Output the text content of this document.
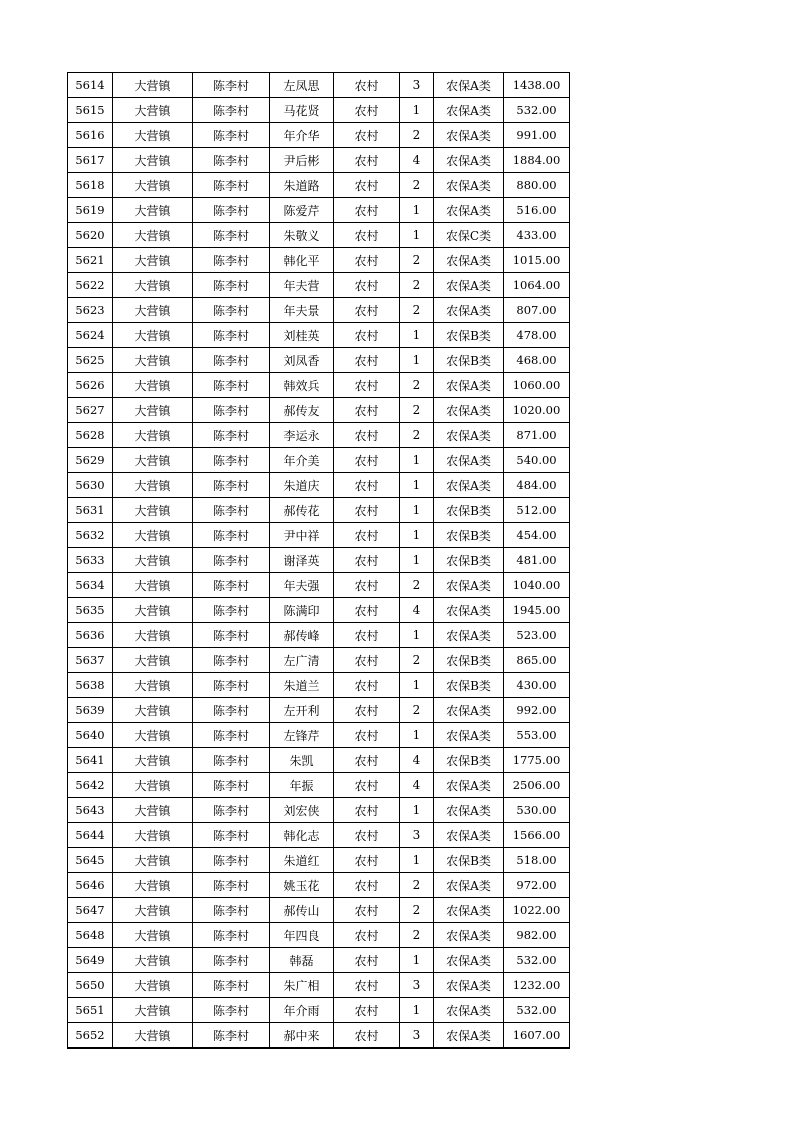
5614	大营镇	陈李村	左凤思	农村	3	农保A类	1438.00
5615	大营镇	陈李村	马花贤	农村	1	农保A类	532.00
5616	大营镇	陈李村	年介华	农村	2	农保A类	991.00
5617	大营镇	陈李村	尹后彬	农村	4	农保A类	1884.00
5618	大营镇	陈李村	朱道路	农村	2	农保A类	880.00
5619	大营镇	陈李村	陈爱芹	农村	1	农保A类	516.00
5620	大营镇	陈李村	朱敬义	农村	1	农保C类	433.00
5621	大营镇	陈李村	韩化平	农村	2	农保A类	1015.00
5622	大营镇	陈李村	年夫营	农村	2	农保A类	1064.00
5623	大营镇	陈李村	年夫景	农村	2	农保A类	807.00
5624	大营镇	陈李村	刘桂英	农村	1	农保B类	478.00
5625	大营镇	陈李村	刘凤香	农村	1	农保B类	468.00
5626	大营镇	陈李村	韩效兵	农村	2	农保A类	1060.00
5627	大营镇	陈李村	郝传友	农村	2	农保A类	1020.00
5628	大营镇	陈李村	李运永	农村	2	农保A类	871.00
5629	大营镇	陈李村	年介美	农村	1	农保A类	540.00
5630	大营镇	陈李村	朱道庆	农村	1	农保A类	484.00
5631	大营镇	陈李村	郝传花	农村	1	农保B类	512.00
5632	大营镇	陈李村	尹中祥	农村	1	农保B类	454.00
5633	大营镇	陈李村	谢泽英	农村	1	农保B类	481.00
5634	大营镇	陈李村	年夫强	农村	2	农保A类	1040.00
5635	大营镇	陈李村	陈满印	农村	4	农保A类	1945.00
5636	大营镇	陈李村	郝传峰	农村	1	农保A类	523.00
5637	大营镇	陈李村	左广清	农村	2	农保B类	865.00
5638	大营镇	陈李村	朱道兰	农村	1	农保B类	430.00
5639	大营镇	陈李村	左开利	农村	2	农保A类	992.00
5640	大营镇	陈李村	左锋芹	农村	1	农保A类	553.00
5641	大营镇	陈李村	朱凯	农村	4	农保B类	1775.00
5642	大营镇	陈李村	年振	农村	4	农保A类	2506.00
5643	大营镇	陈李村	刘宏侠	农村	1	农保A类	530.00
5644	大营镇	陈李村	韩化志	农村	3	农保A类	1566.00
5645	大营镇	陈李村	朱道红	农村	1	农保B类	518.00
5646	大营镇	陈李村	姚玉花	农村	2	农保A类	972.00
5647	大营镇	陈李村	郝传山	农村	2	农保A类	1022.00
5648	大营镇	陈李村	年四良	农村	2	农保A类	982.00
5649	大营镇	陈李村	韩磊	农村	1	农保A类	532.00
5650	大营镇	陈李村	朱广相	农村	3	农保A类	1232.00
5651	大营镇	陈李村	年介雨	农村	1	农保A类	532.00
5652	大营镇	陈李村	郝中来	农村	3	农保A类	1607.00
